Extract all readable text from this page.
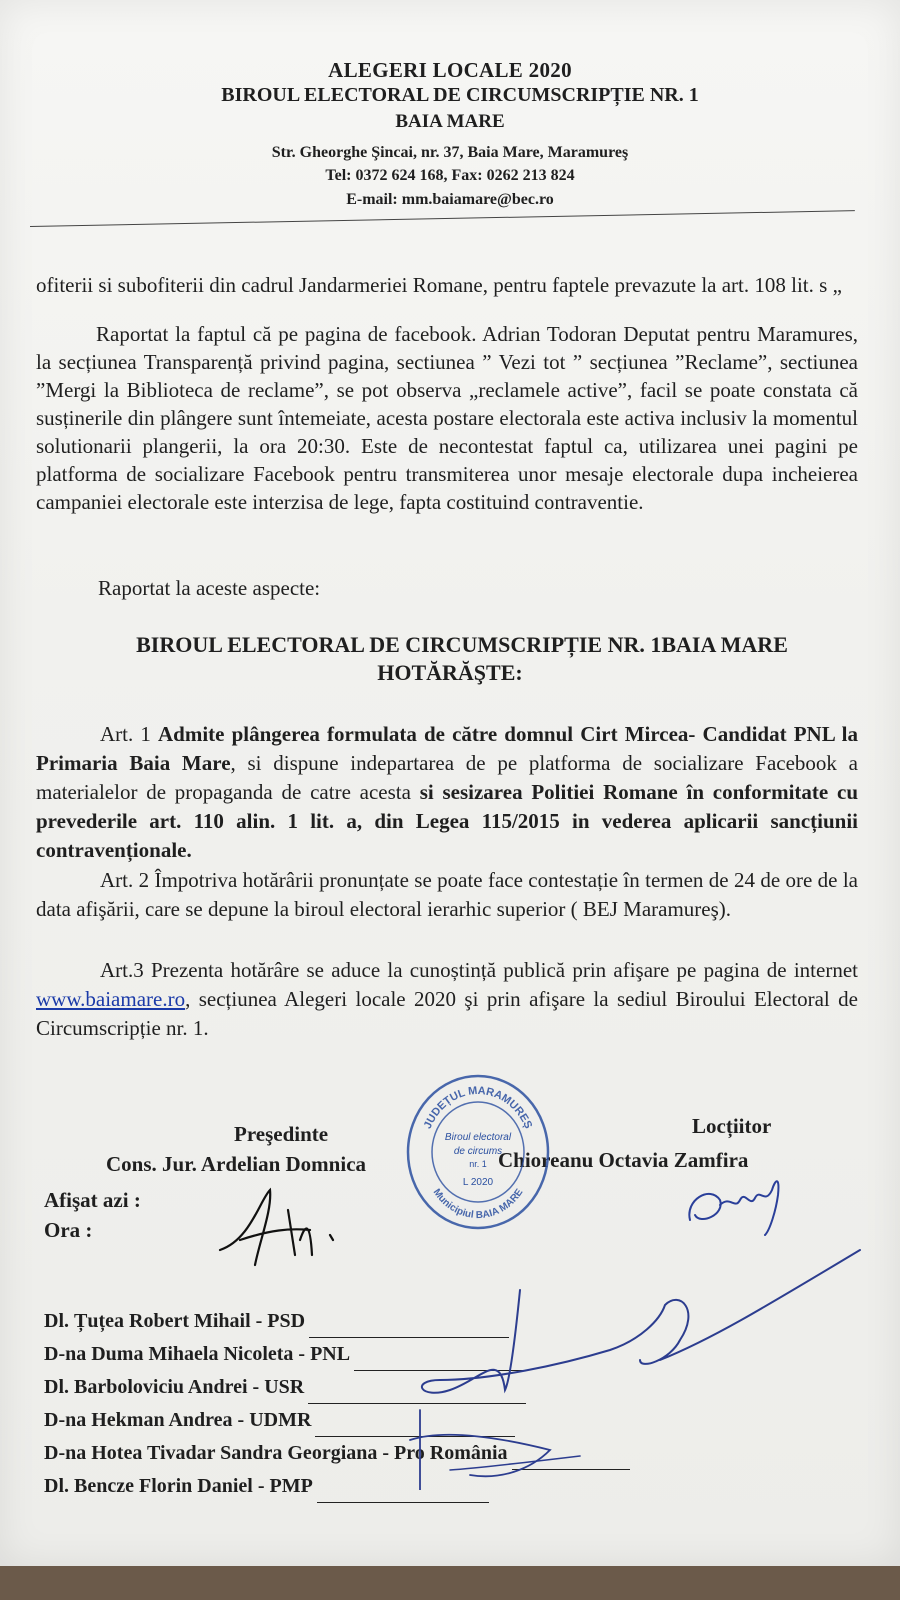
ALEGERI LOCALE 2020
BIROUL ELECTORAL DE CIRCUMSCRIPȚIE NR. 1
BAIA MARE
Str. Gheorghe Şincai, nr. 37, Baia Mare, Maramureş
Tel: 0372 624 168, Fax: 0262 213 824
E-mail: mm.baiamare@bec.ro
ofiterii si subofiterii din cadrul Jandarmeriei Romane, pentru faptele prevazute la art. 108 lit. s „
Raportat la faptul că pe pagina de facebook. Adrian Todoran Deputat pentru Maramures, la secțiunea Transparență privind pagina, sectiunea ” Vezi tot ” secțiunea ”Reclame”, sectiunea ”Mergi la Biblioteca de reclame”, se pot observa „reclamele active”, facil se poate constata că susținerile din plângere sunt întemeiate, acesta postare electorala este activa inclusiv la momentul solutionarii plangerii, la ora 20:30. Este de necontestat faptul ca, utilizarea unei pagini pe platforma de socializare Facebook pentru transmiterea unor mesaje electorale dupa incheierea campaniei electorale este interzisa de lege, fapta costituind contraventie.
Raportat la aceste aspecte:
BIROUL ELECTORAL DE CIRCUMSCRIPȚIE NR. 1BAIA MARE
HOTĂRĂŞTE:
Art. 1 Admite plângerea formulata de către domnul Cirt Mircea- Candidat PNL la Primaria Baia Mare, si dispune indepartarea de pe platforma de socializare Facebook a materialelor de propaganda de catre acesta si sesizarea Politiei Romane în conformitate cu prevederile art. 110 alin. 1 lit. a, din Legea 115/2015 in vederea aplicarii sancțiunii contravenționale.
Art. 2 Împotriva hotărârii pronunțate se poate face contestație în termen de 24 de ore de la data afişării, care se depune la biroul electoral ierarhic superior ( BEJ Maramureş).
Art.3 Prezenta hotărâre se aduce la cunoștință publică prin afişare pe pagina de internet www.baiamare.ro, secțiunea Alegeri locale 2020 şi prin afişare la sediul Biroului Electoral de Circumscripție nr. 1.
Preşedinte
Cons. Jur. Ardelian Domnica
Locțiitor
Chioreanu Octavia Zamfira
Afişat azi :
Ora :
JUDEȚUL MARAMUREȘ
Municipiul BAIA MARE
Biroul electoral
de circums
nr. 1
L 2020
Dl. Țuțea Robert Mihail - PSD
D-na Duma Mihaela Nicoleta - PNL
Dl. Barboloviciu Andrei - USR
D-na Hekman Andrea - UDMR
D-na Hotea Tivadar Sandra Georgiana - Pro România
Dl. Bencze Florin Daniel - PMP
